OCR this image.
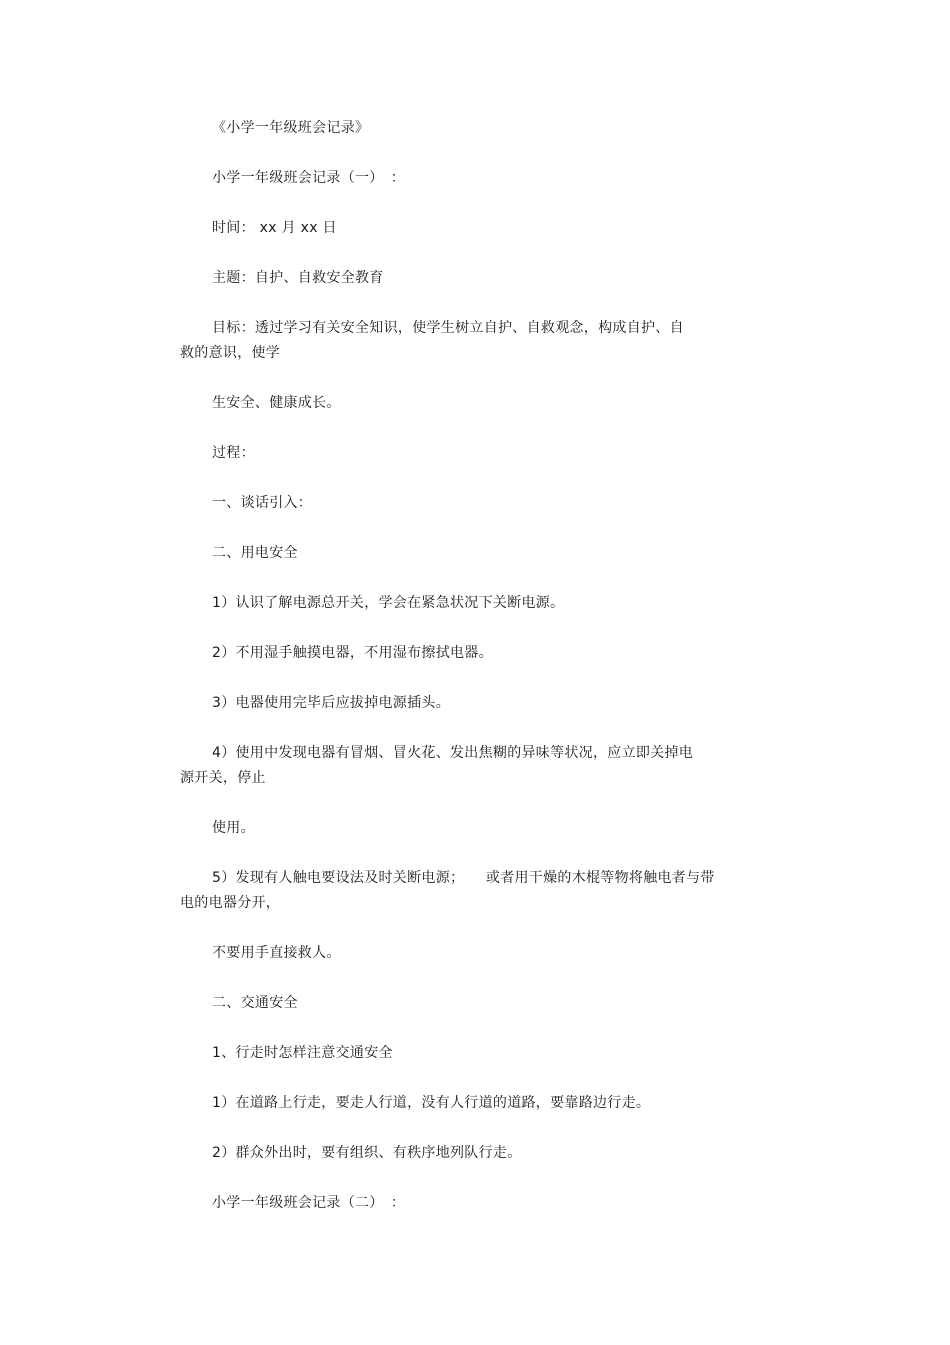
《小学一年级班会记录》
小学一年级班会记录（一）　：
时间： xx 月 xx 日
主题：自护、自救安全教育
目标：透过学习有关安全知识，使学生树立自护、自救观念，构成自护、自
救的意识，使学
生安全、健康成长。
过程：
一、谈话引入：
二、用电安全
1）认识了解电源总开关，学会在紧急状况下关断电源。
2）不用湿手触摸电器，不用湿布擦拭电器。
3）电器使用完毕后应拔掉电源插头。
4）使用中发现电器有冒烟、冒火花、发出焦糊的异味等状况，应立即关掉电
源开关，停止
使用。
5）发现有人触电要设法及时关断电源；　　或者用干燥的木棍等物将触电者与带
电的电器分开，
不要用手直接救人。
二、交通安全
1、行走时怎样注意交通安全
1）在道路上行走，要走人行道，没有人行道的道路，要靠路边行走。
2）群众外出时，要有组织、有秩序地列队行走。
小学一年级班会记录（二）　：
